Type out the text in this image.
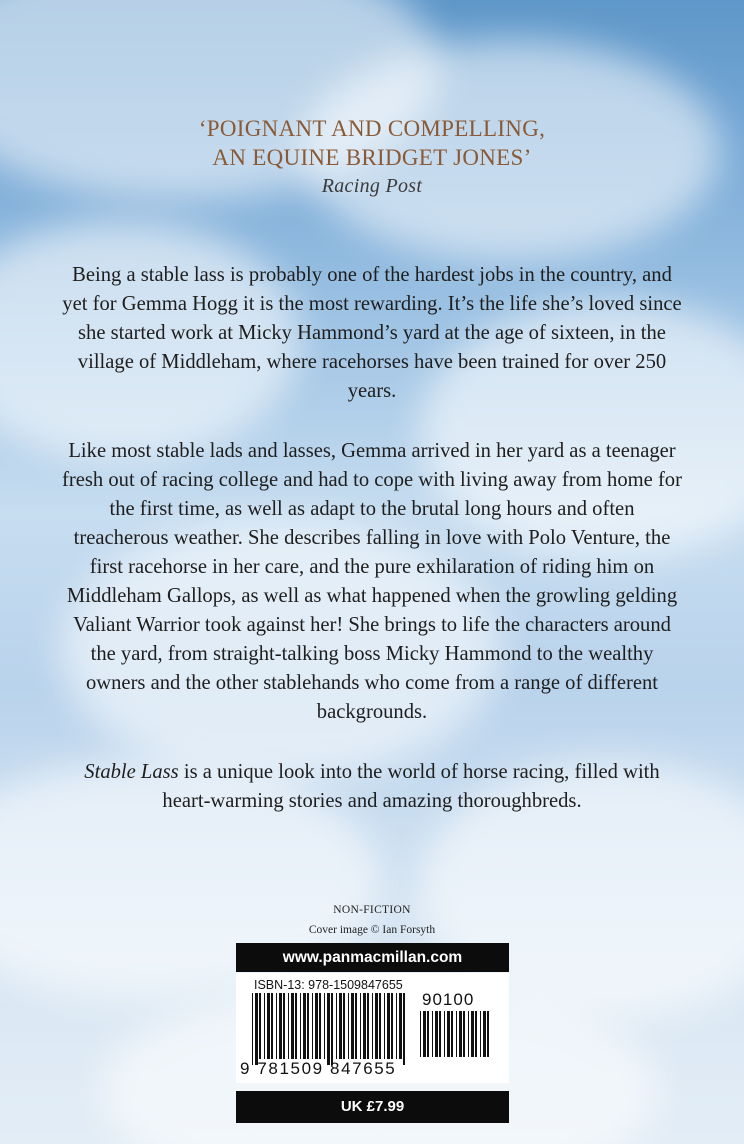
‘POIGNANT AND COMPELLING,
AN EQUINE BRIDGET JONES’
Racing Post

Being a stable lass is probably one of the hardest jobs in the country, and yet for Gemma Hogg it is the most rewarding. It’s the life she’s loved since she started work at Micky Hammond’s yard at the age of sixteen, in the village of Middleham, where racehorses have been trained for over 250 years.

Like most stable lads and lasses, Gemma arrived in her yard as a teenager fresh out of racing college and had to cope with living away from home for the first time, as well as adapt to the brutal long hours and often treacherous weather. She describes falling in love with Polo Venture, the first racehorse in her care, and the pure exhilaration of riding him on Middleham Gallops, as well as what happened when the growling gelding Valiant Warrior took against her! She brings to life the characters around the yard, from straight-talking boss Micky Hammond to the wealthy owners and the other stablehands who come from a range of different backgrounds.

Stable Lass is a unique look into the world of horse racing, filled with heart-warming stories and amazing thoroughbreds.

NON-FICTION
Cover image © Ian Forsyth
www.panmacmillan.com
ISBN-13: 978-1509847655
90100
9 781509 847655
UK £7.99
